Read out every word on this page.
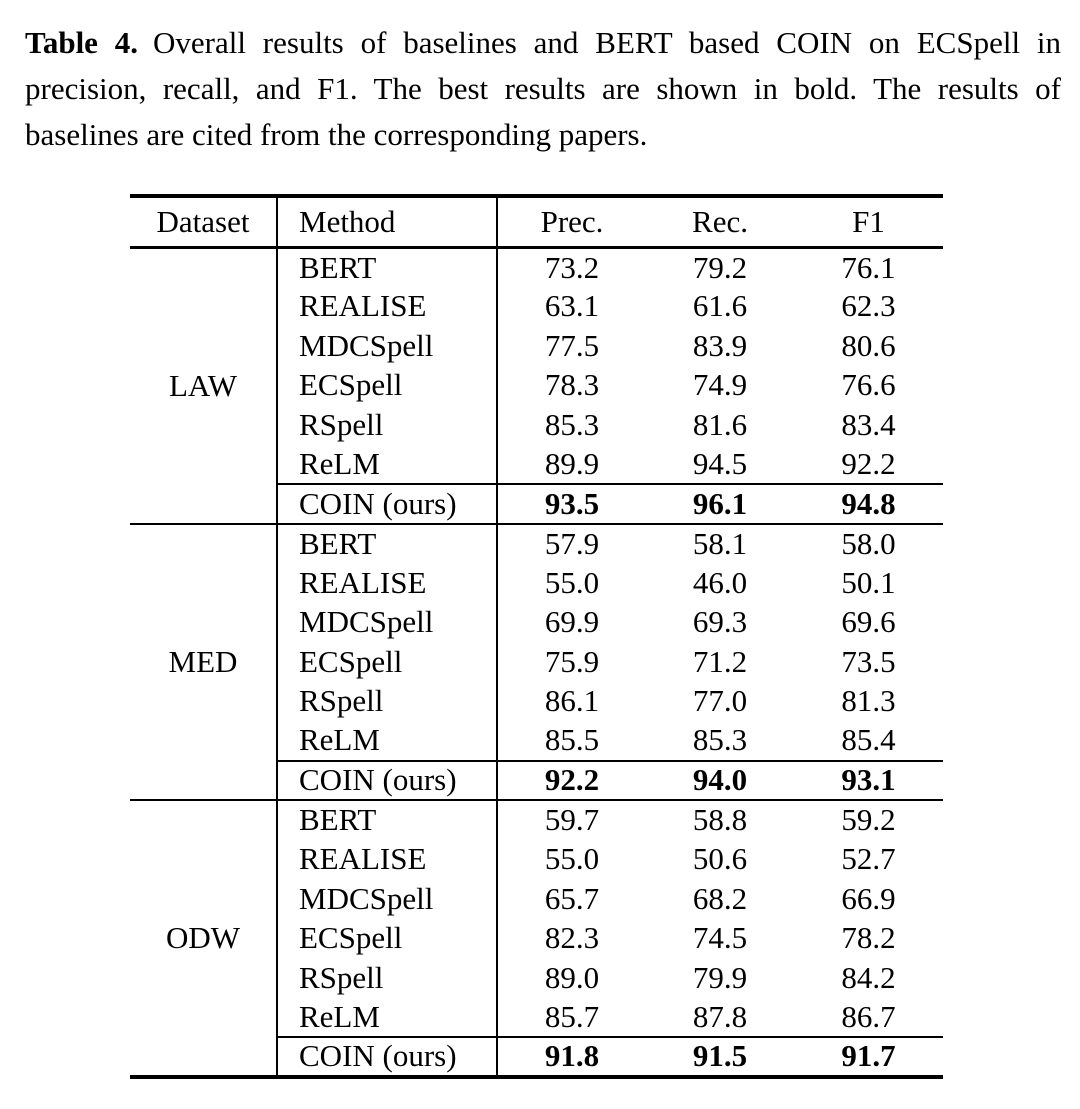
Table 4. Overall results of baselines and BERT based COIN on ECSpell in precision, recall, and F1. The best results are shown in bold. The results of baselines are cited from the corresponding papers.

Dataset	Method	Prec.	Rec.	F1
LAW	BERT	73.2	79.2	76.1
	REALISE	63.1	61.6	62.3
	MDCSpell	77.5	83.9	80.6
	ECSpell	78.3	74.9	76.6
	RSpell	85.3	81.6	83.4
	ReLM	89.9	94.5	92.2
	COIN (ours)	93.5	96.1	94.8
MED	BERT	57.9	58.1	58.0
	REALISE	55.0	46.0	50.1
	MDCSpell	69.9	69.3	69.6
	ECSpell	75.9	71.2	73.5
	RSpell	86.1	77.0	81.3
	ReLM	85.5	85.3	85.4
	COIN (ours)	92.2	94.0	93.1
ODW	BERT	59.7	58.8	59.2
	REALISE	55.0	50.6	52.7
	MDCSpell	65.7	68.2	66.9
	ECSpell	82.3	74.5	78.2
	RSpell	89.0	79.9	84.2
	ReLM	85.7	87.8	86.7
	COIN (ours)	91.8	91.5	91.7
